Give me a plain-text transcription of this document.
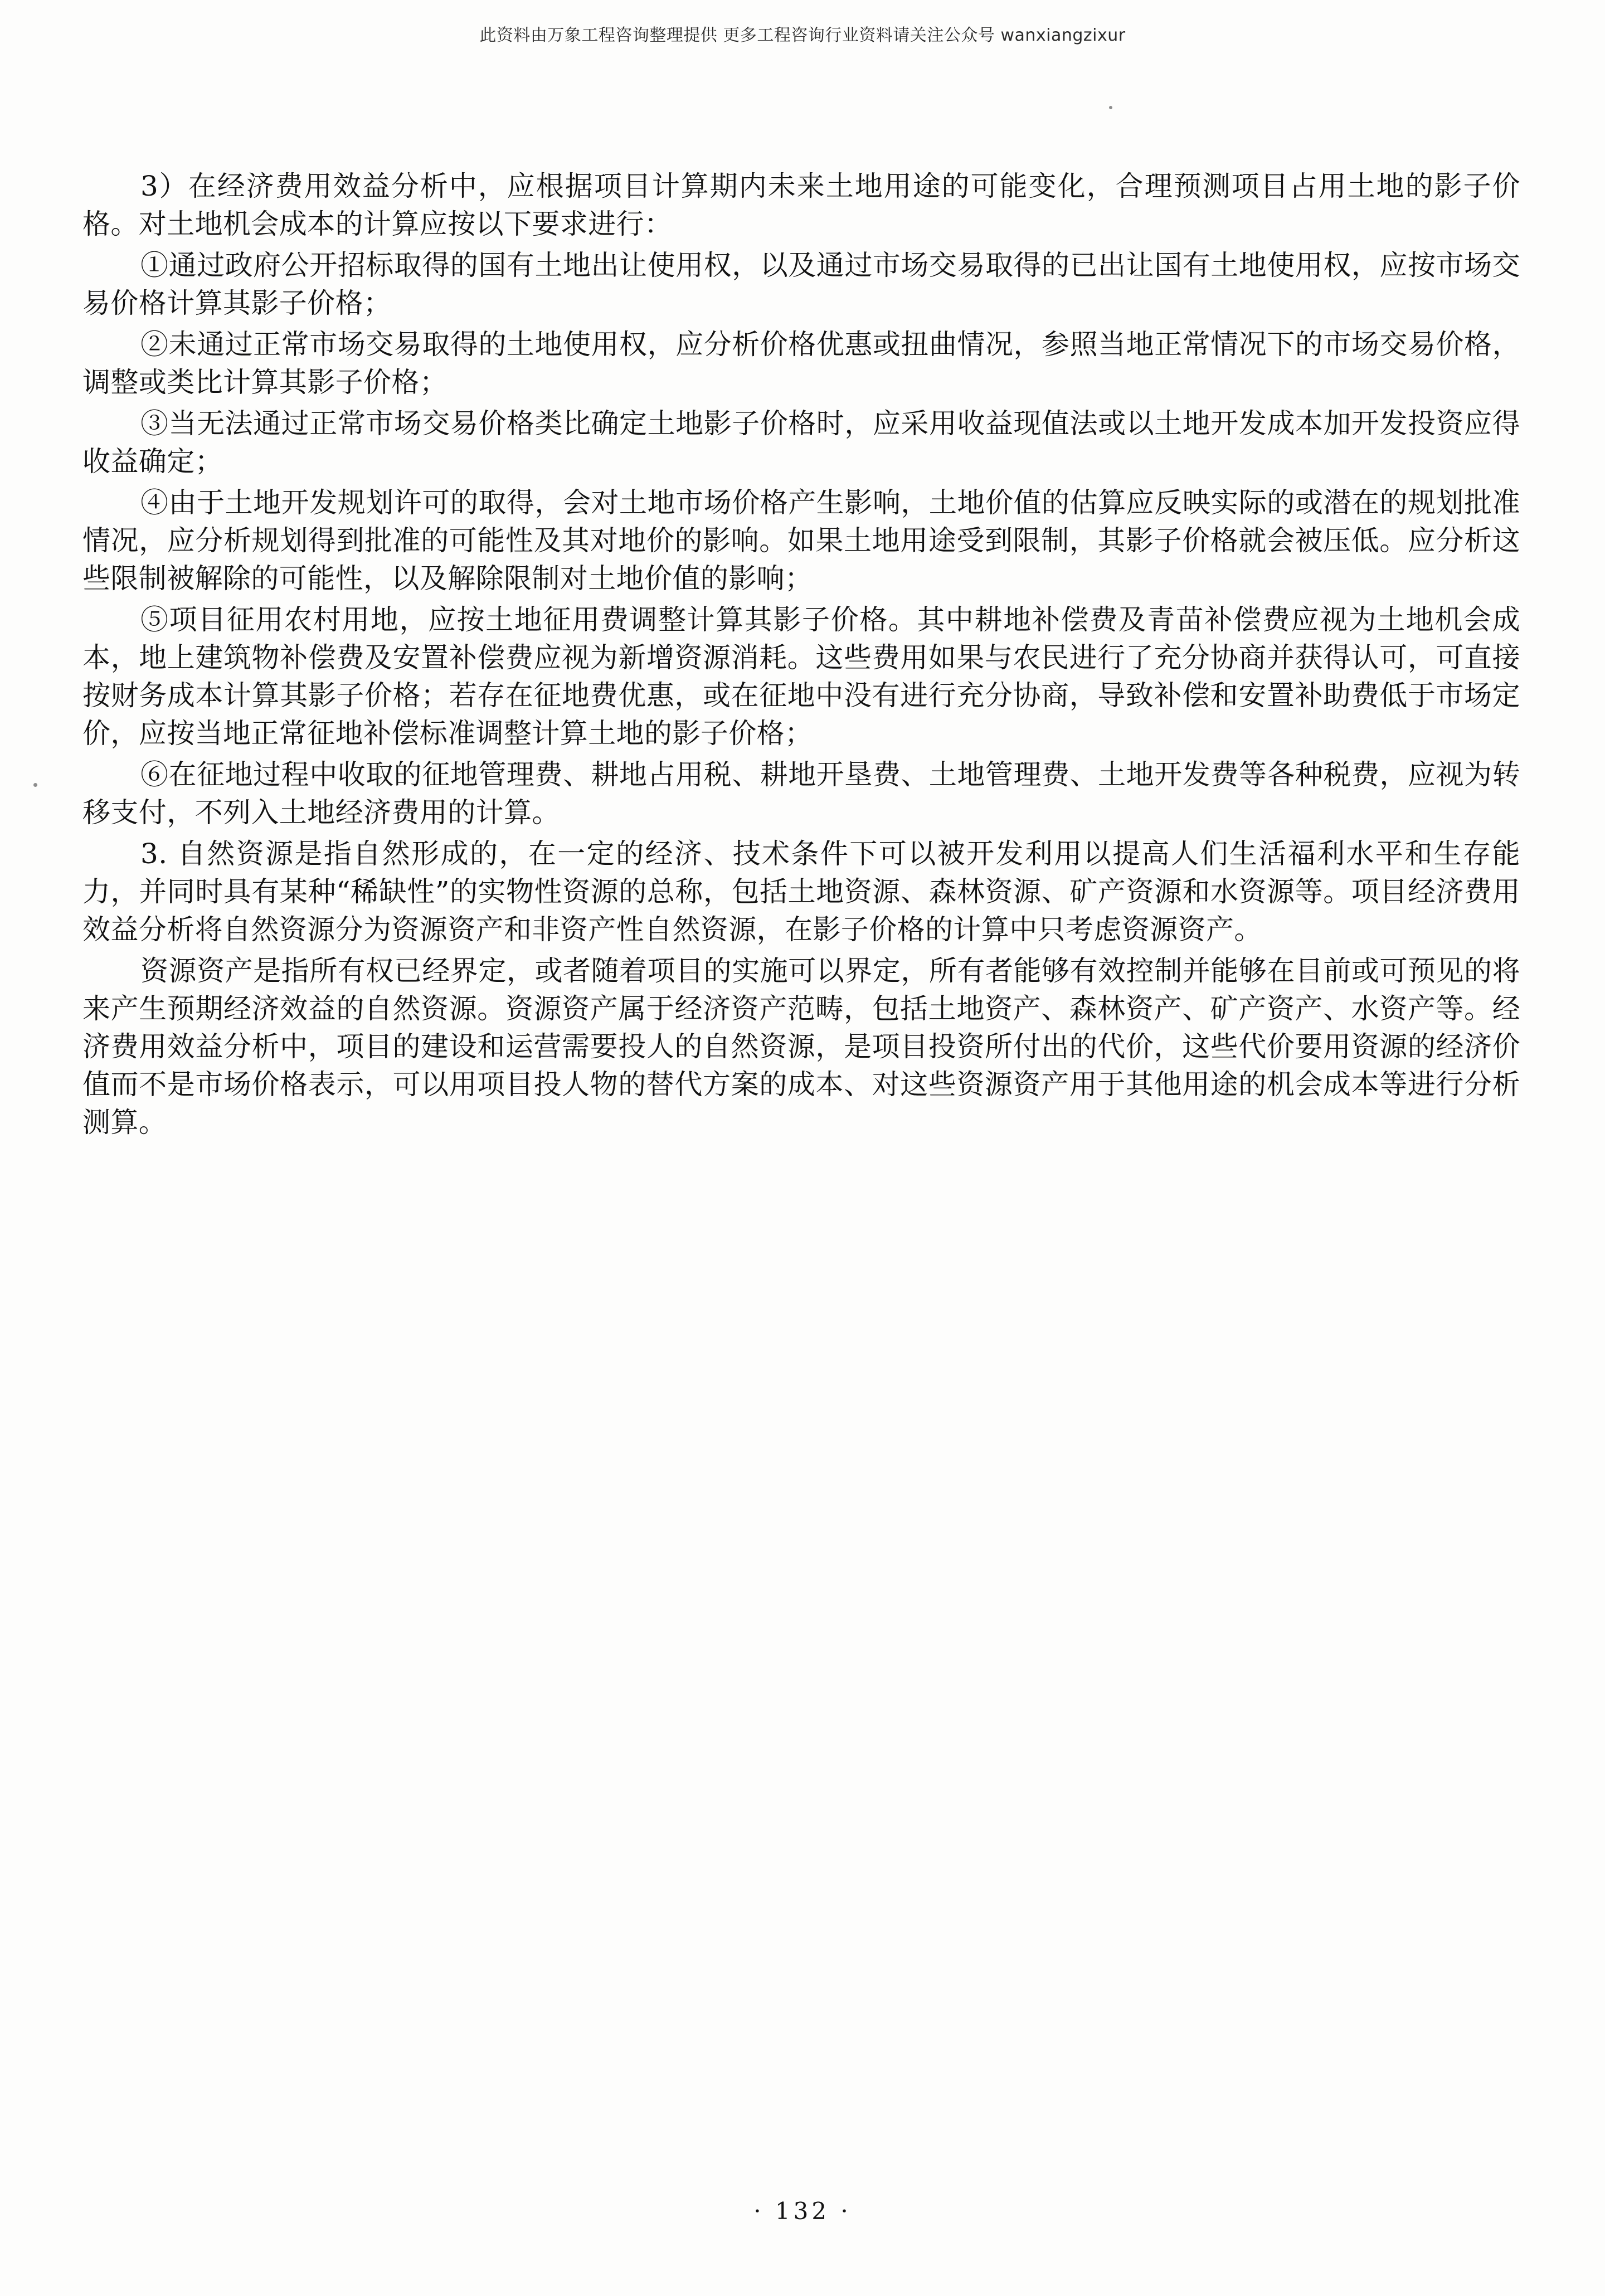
此资料由万象工程咨询整理提供 更多工程咨询行业资料请关注公众号 wanxiangzixur

3）在经济费用效益分析中，应根据项目计算期内未来土地用途的可能变化，合理预测项目占用土地的影子价格。对土地机会成本的计算应按以下要求进行：

①通过政府公开招标取得的国有土地出让使用权，以及通过市场交易取得的已出让国有土地使用权，应按市场交易价格计算其影子价格；

②未通过正常市场交易取得的土地使用权，应分析价格优惠或扭曲情况，参照当地正常情况下的市场交易价格，调整或类比计算其影子价格；

③当无法通过正常市场交易价格类比确定土地影子价格时，应采用收益现值法或以土地开发成本加开发投资应得收益确定；

④由于土地开发规划许可的取得，会对土地市场价格产生影响，土地价值的估算应反映实际的或潜在的规划批准情况，应分析规划得到批准的可能性及其对地价的影响。如果土地用途受到限制，其影子价格就会被压低。应分析这些限制被解除的可能性，以及解除限制对土地价值的影响；

⑤项目征用农村用地，应按土地征用费调整计算其影子价格。其中耕地补偿费及青苗补偿费应视为土地机会成本，地上建筑物补偿费及安置补偿费应视为新增资源消耗。这些费用如果与农民进行了充分协商并获得认可，可直接按财务成本计算其影子价格；若存在征地费优惠，或在征地中没有进行充分协商，导致补偿和安置补助费低于市场定价，应按当地正常征地补偿标准调整计算土地的影子价格；

⑥在征地过程中收取的征地管理费、耕地占用税、耕地开垦费、土地管理费、土地开发费等各种税费，应视为转移支付，不列入土地经济费用的计算。

3. 自然资源是指自然形成的，在一定的经济、技术条件下可以被开发利用以提高人们生活福利水平和生存能力，并同时具有某种“稀缺性”的实物性资源的总称，包括土地资源、森林资源、矿产资源和水资源等。项目经济费用效益分析将自然资源分为资源资产和非资产性自然资源，在影子价格的计算中只考虑资源资产。

资源资产是指所有权已经界定，或者随着项目的实施可以界定，所有者能够有效控制并能够在目前或可预见的将来产生预期经济效益的自然资源。资源资产属于经济资产范畴，包括土地资产、森林资产、矿产资产、水资产等。经济费用效益分析中，项目的建设和运营需要投人的自然资源，是项目投资所付出的代价，这些代价要用资源的经济价值而不是市场价格表示，可以用项目投人物的替代方案的成本、对这些资源资产用于其他用途的机会成本等进行分析测算。

· 132 ·
